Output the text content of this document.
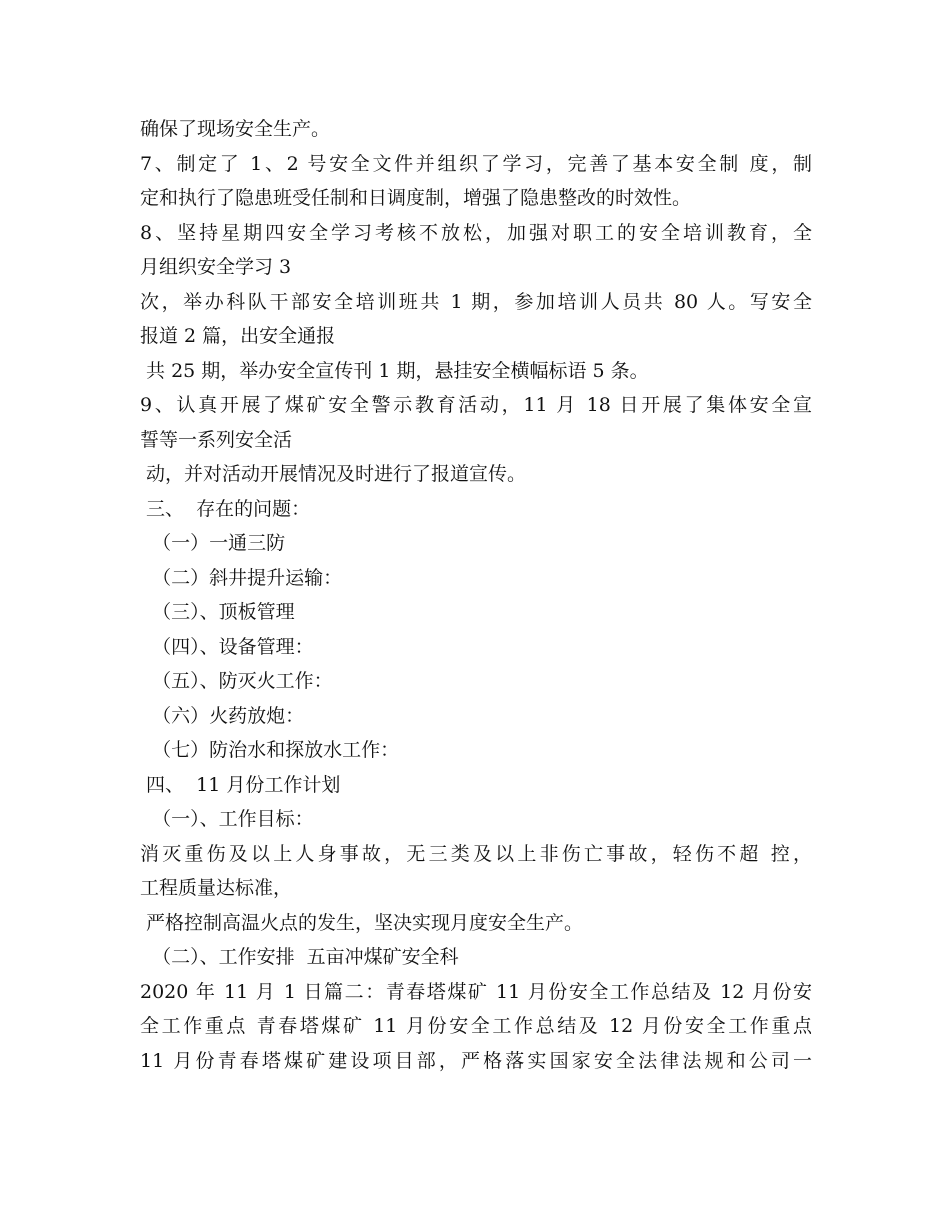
确保了现场安全生产。
7、制定了 1、2 号安全文件并组织了学习，完善了基本安全制 度，制
定和执行了隐患班受任制和日调度制，增强了隐患整改的时效性。
8、坚持星期四安全学习考核不放松，加强对职工的安全培训教育，全
月组织安全学习 3
次，举办科队干部安全培训班共 1 期，参加培训人员共 80 人。写安全
报道 2 篇，出安全通报
共 25 期，举办安全宣传刊 1 期，悬挂安全横幅标语 5 条。
9、认真开展了煤矿安全警示教育活动，11 月 18 日开展了集体安全宣
誓等一系列安全活
动，并对活动开展情况及时进行了报道宣传。
三、  存在的问题：
（一）一通三防
（二）斜井提升运输：
（三）、顶板管理
（四）、设备管理：
（五）、防灭火工作：
（六）火药放炮：
（七）防治水和探放水工作：
四、  11 月份工作计划
（一）、工作目标：
消灭重伤及以上人身事故，无三类及以上非伤亡事故，轻伤不超 控，
工程质量达标准，
严格控制高温火点的发生，坚决实现月度安全生产。
（二）、工作安排  五亩冲煤矿安全科
2020 年 11 月 1 日篇二：青春塔煤矿 11 月份安全工作总结及 12 月份安
全工作重点 青春塔煤矿 11 月份安全工作总结及 12 月份安全工作重点
11 月份青春塔煤矿建设项目部，严格落实国家安全法律法规和公司一
